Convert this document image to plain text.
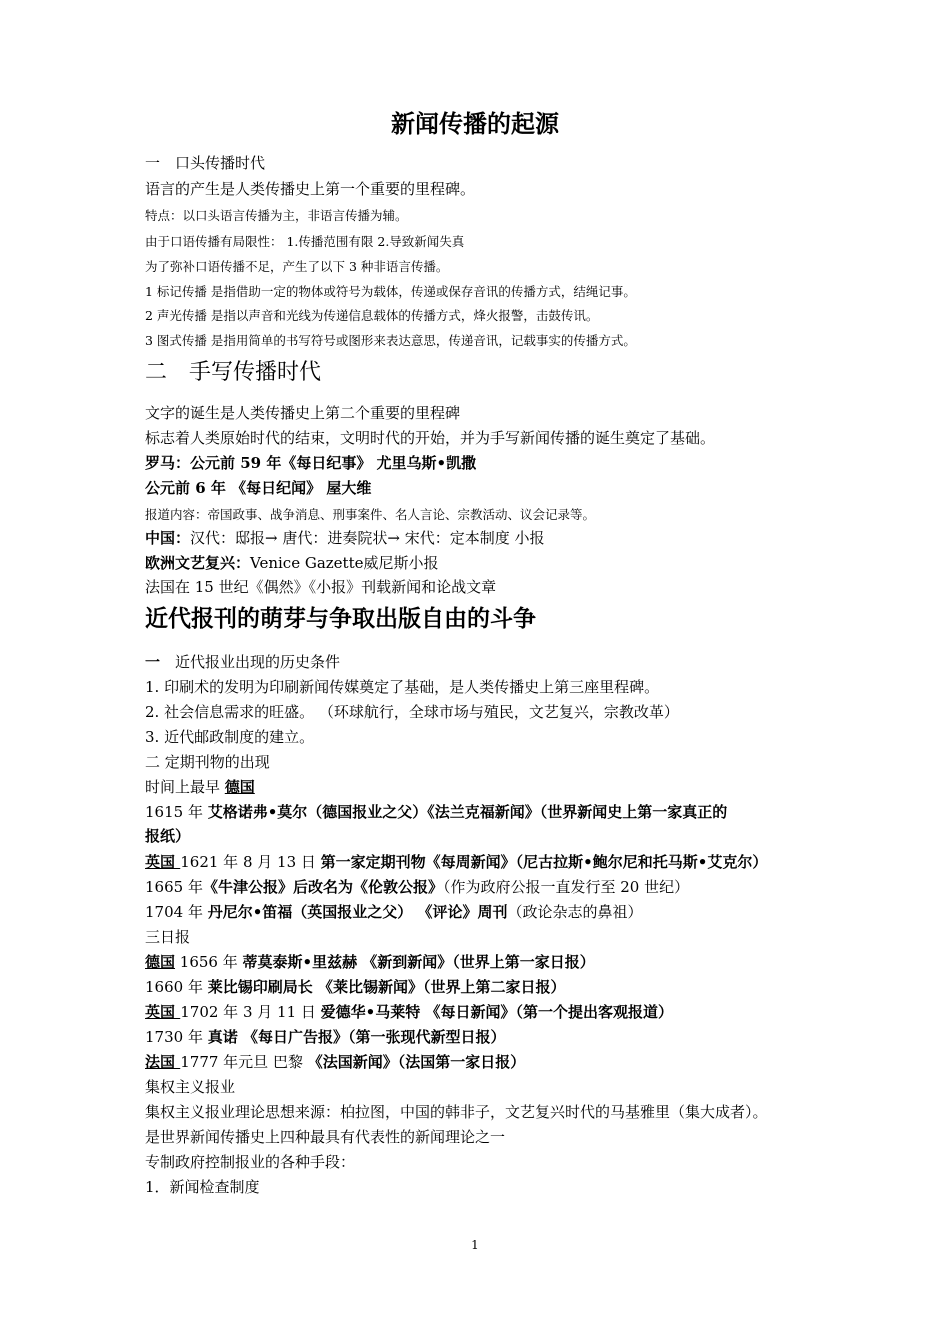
新闻传播的起源
一　口头传播时代
语言的产生是人类传播史上第一个重要的里程碑。
特点：以口头语言传播为主，非语言传播为辅。
由于口语传播有局限性： 1.传播范围有限 2.导致新闻失真
为了弥补口语传播不足，产生了以下 3 种非语言传播。
1 标记传播 是指借助一定的物体或符号为载体，传递或保存音讯的传播方式，结绳记事。
2 声光传播 是指以声音和光线为传递信息载体的传播方式，烽火报警，击鼓传讯。
3 图式传播 是指用简单的书写符号或图形来表达意思，传递音讯，记载事实的传播方式。
二　手写传播时代
文字的诞生是人类传播史上第二个重要的里程碑
标志着人类原始时代的结束，文明时代的开始，并为手写新闻传播的诞生奠定了基础。
罗马：公元前 59 年《每日纪事》 尤里乌斯•凯撒
公元前 6 年 《每日纪闻》 屋大维
报道内容：帝国政事、战争消息、刑事案件、名人言论、宗教活动、议会记录等。
中国：汉代：邸报→ 唐代：进奏院状→ 宋代：定本制度 小报
欧洲文艺复兴：Venice Gazette威尼斯小报
法国在 15 世纪《偶然》《小报》刊载新闻和论战文章
近代报刊的萌芽与争取出版自由的斗争
一　近代报业出现的历史条件
1. 印刷术的发明为印刷新闻传媒奠定了基础，是人类传播史上第三座里程碑。
2. 社会信息需求的旺盛。 （环球航行，全球市场与殖民，文艺复兴，宗教改革）
3. 近代邮政制度的建立。
二 定期刊物的出现
时间上最早 德国
1615 年 艾格诺弗•莫尔（德国报业之父）《法兰克福新闻》（世界新闻史上第一家真正的
报纸）
英国 1621 年 8 月 13 日 第一家定期刊物《每周新闻》（尼古拉斯•鲍尔尼和托马斯•艾克尔）
1665 年《牛津公报》后改名为《伦敦公报》（作为政府公报一直发行至 20 世纪）
1704 年 丹尼尔•笛福（英国报业之父） 《评论》周刊（政论杂志的鼻祖）
三日报
德国 1656 年 蒂莫泰斯•里兹赫 《新到新闻》（世界上第一家日报）
1660 年 莱比锡印刷局长 《莱比锡新闻》（世界上第二家日报）
英国 1702 年 3 月 11 日 爱德华•马莱特 《每日新闻》（第一个提出客观报道）
1730 年 真诺 《每日广告报》（第一张现代新型日报）
法国 1777 年元旦 巴黎 《法国新闻》（法国第一家日报）
集权主义报业
集权主义报业理论思想来源：柏拉图，中国的韩非子，文艺复兴时代的马基雅里（集大成者）。
是世界新闻传播史上四种最具有代表性的新闻理论之一
专制政府控制报业的各种手段：
1．新闻检查制度
1
